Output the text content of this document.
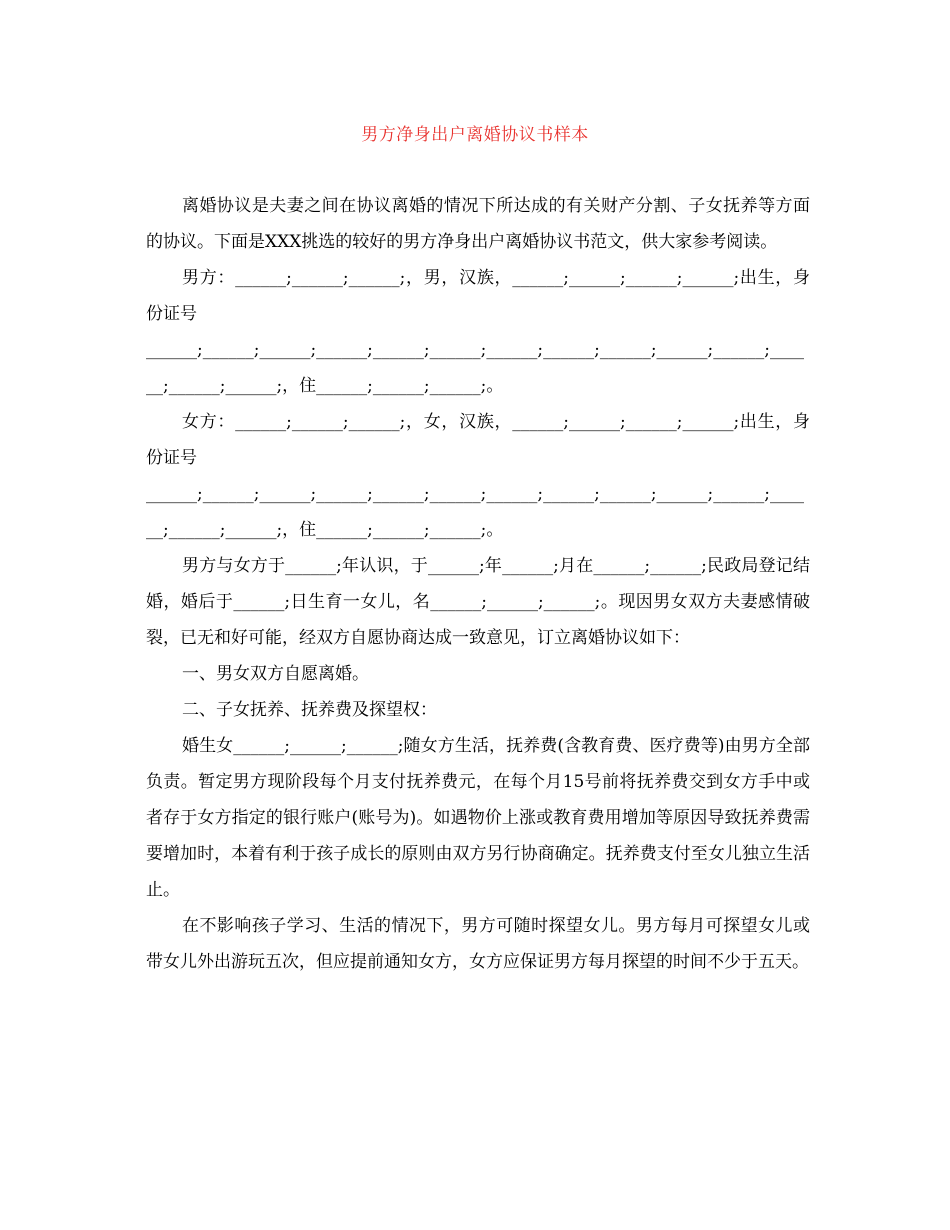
男方净身出户离婚协议书样本

离婚协议是夫妻之间在协议离婚的情况下所达成的有关财产分割、子女抚养等方面的协议。下面是XXX挑选的较好的男方净身出户离婚协议书范文，供大家参考阅读。

男方：______;______;______;，男，汉族，______;______;______;______;出生，身份证号

______;______;______;______;______;______;______;______;______;______;______;______;______;______;，住______;______;______;。

女方：______;______;______;，女，汉族，______;______;______;______;出生，身份证号

______;______;______;______;______;______;______;______;______;______;______;______;______;______;，住______;______;______;。

男方与女方于______;年认识，于______;年______;月在______;______;民政局登记结婚，婚后于______;日生育一女儿，名______;______;______;。现因男女双方夫妻感情破裂，已无和好可能，经双方自愿协商达成一致意见，订立离婚协议如下：

一、男女双方自愿离婚。

二、子女抚养、抚养费及探望权：

婚生女______;______;______;随女方生活，抚养费(含教育费、医疗费等)由男方全部负责。暂定男方现阶段每个月支付抚养费元，在每个月15号前将抚养费交到女方手中或者存于女方指定的银行账户(账号为)。如遇物价上涨或教育费用增加等原因导致抚养费需要增加时，本着有利于孩子成长的原则由双方另行协商确定。抚养费支付至女儿独立生活止。

在不影响孩子学习、生活的情况下，男方可随时探望女儿。男方每月可探望女儿或带女儿外出游玩五次，但应提前通知女方，女方应保证男方每月探望的时间不少于五天。
